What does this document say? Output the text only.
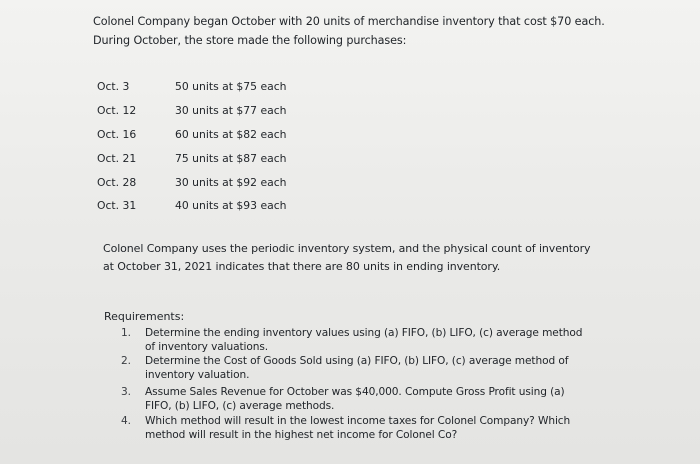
Colonel Company began October with 20 units of merchandise inventory that cost $70 each. During October, the store made the following purchases:
Oct. 3	50 units at $75 each
Oct. 12	30 units at $77 each
Oct. 16	60 units at $82 each
Oct. 21	75 units at $87 each
Oct. 28	30 units at $92 each
Oct. 31	40 units at $93 each
Colonel Company uses the periodic inventory system, and the physical count of inventory at October 31, 2021 indicates that there are 80 units in ending inventory.
Requirements:
1. Determine the ending inventory values using (a) FIFO, (b) LIFO, (c) average method of inventory valuations.
2. Determine the Cost of Goods Sold using (a) FIFO, (b) LIFO, (c) average method of inventory valuation.
3. Assume Sales Revenue for October was $40,000. Compute Gross Profit using (a) FIFO, (b) LIFO, (c) average methods.
4. Which method will result in the lowest income taxes for Colonel Company? Which method will result in the highest net income for Colonel Co?
